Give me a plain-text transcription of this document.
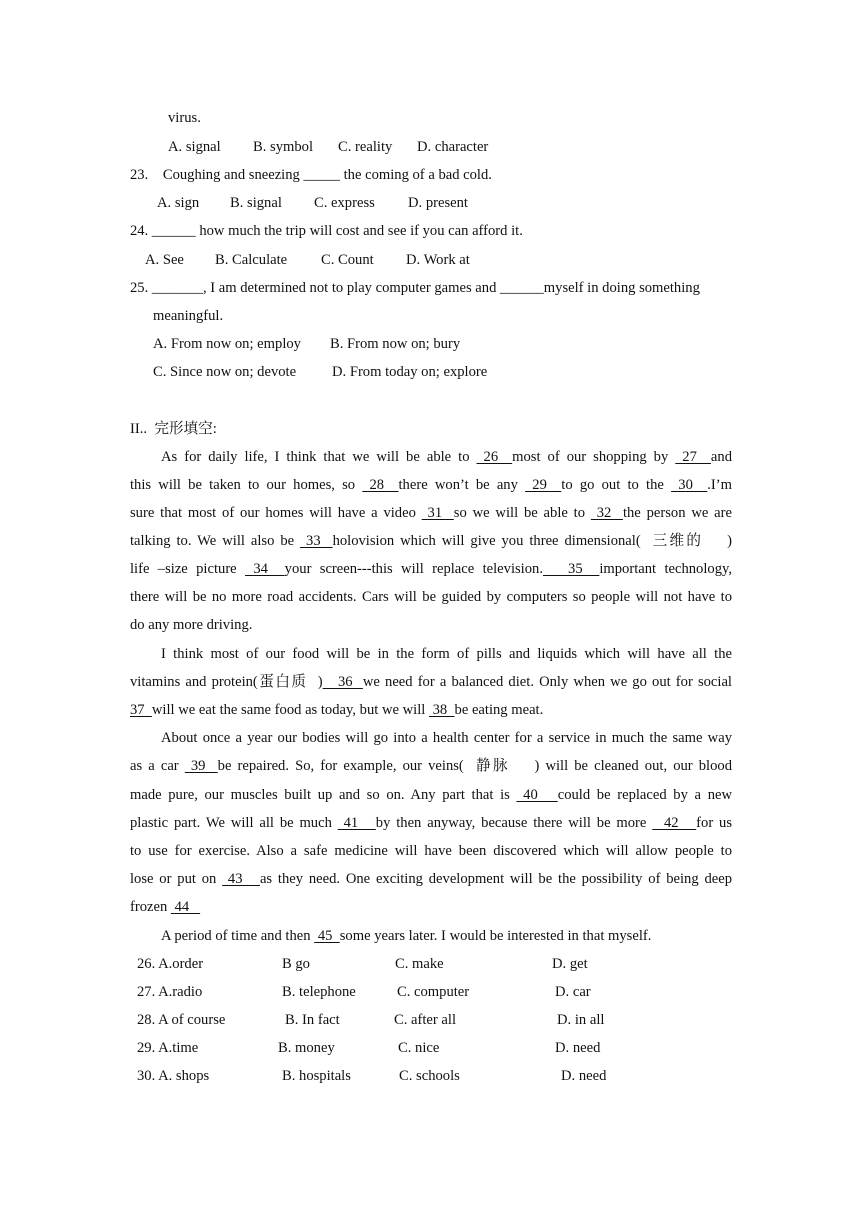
virus.
A. signal B. symbol C. reality D. character
23.    Coughing and sneezing _____ the coming of a bad cold.
A. sign B. signal C. express D. present
24. ______ how much the trip will cost and see if you can afford it.
A. See B. Calculate C. Count D. Work at
25. _______, I am determined not to play computer games and ______myself in doing something
meaningful.
A. From now on; employ B. From now on; bury
C. Since now on; devote D. From today on; explore
II..  完形填空:
As for daily life, I think that we will be able to  26  most of our shopping by  27  and
this will be taken to our homes, so  28  there won’t be any  29  to go out to the  30  .I’m
sure that most of our homes will have a video  31  so we will be able to  32  the person we are
talking to. We will also be  33  holovision which will give you three dimensional(  三维的    )
life –size picture  34  your screen---this will replace television.   35  important technology,
there will be no more road accidents. Cars will be guided by computers so people will not have to
do any more driving.
I think most of our food will be in the form of pills and liquids which will have all the
vitamins and protein(蛋白质  )   36  we need for a balanced diet. Only when we go out for social
37  will we eat the same food as today, but we will  38  be eating meat.
About once a year our bodies will go into a health center for a service in much the same way
as a car  39  be repaired. So, for example, our veins(  静脉    ) will be cleaned out, our blood
made pure, our muscles built up and so on. Any part that is  40   could be replaced by a new
plastic part. We will all be much  41   by then anyway, because there will be more   42   for us
to use for exercise. Also a safe medicine will have been discovered which will allow people to
lose or put on  43   as they need. One exciting development will be the possibility of being deep
frozen  44
A period of time and then  45  some years later. I would be interested in that myself.
26. A.order	B go	C. make	D. get
27. A.radio	B. telephone	C. computer	D. car
28. A of course	B. In fact	C. after all	D. in all
29. A.time	B. money	C. nice	D. need
30. A. shops	B. hospitals	C. schools	D. need
